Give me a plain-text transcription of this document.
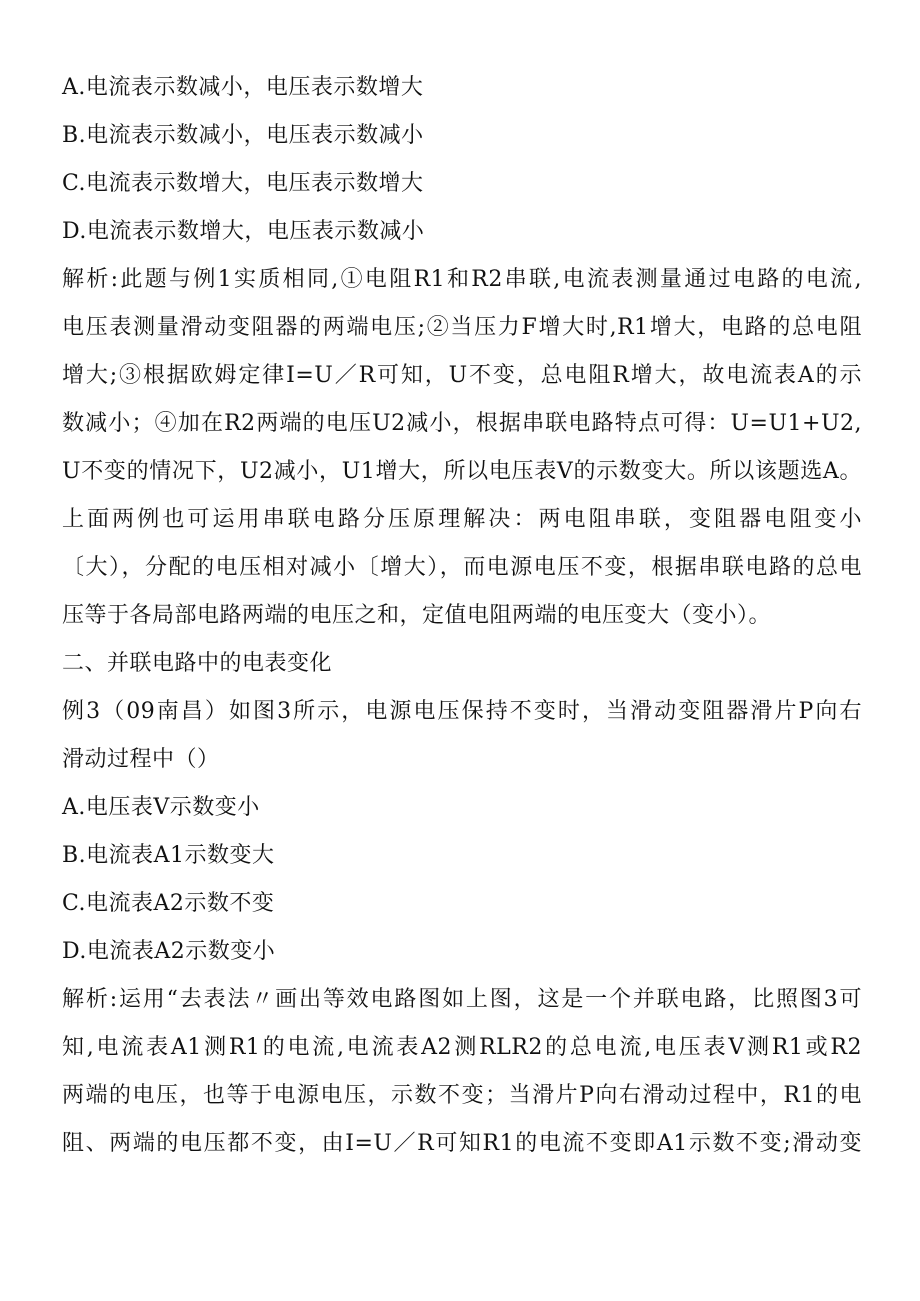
A.电流表示数减小，电压表示数增大
B.电流表示数减小，电压表示数减小
C.电流表示数增大，电压表示数增大
D.电流表示数增大，电压表示数减小
解析:此题与例1实质相同,①电阻R1和R2串联,电流表测量通过电路的电流,
电压表测量滑动变阻器的两端电压;②当压力F增大时,R1增大，电路的总电阻
增大;③根据欧姆定律I=U／R可知，U不变，总电阻R增大，故电流表A的示
数减小；④加在R2两端的电压U2减小，根据串联电路特点可得：U=U1+U2,
U不变的情况下，U2减小，U1增大，所以电压表V的示数变大。所以该题选A。
上面两例也可运用串联电路分压原理解决：两电阻串联，变阻器电阻变小
〔大），分配的电压相对减小〔增大），而电源电压不变，根据串联电路的总电
压等于各局部电路两端的电压之和，定值电阻两端的电压变大（变小）。
二、并联电路中的电表变化
例3（09南昌）如图3所示，电源电压保持不变时，当滑动变阻器滑片P向右
滑动过程中（）
A.电压表V示数变小
B.电流表A1示数变大
C.电流表A2示数不变
D.电流表A2示数变小
解析:运用“去表法〃画出等效电路图如上图，这是一个并联电路，比照图3可
知,电流表A1测R1的电流,电流表A2测RLR2的总电流,电压表V测R1或R2
两端的电压，也等于电源电压，示数不变；当滑片P向右滑动过程中，R1的电
阻、两端的电压都不变，由I=U／R可知R1的电流不变即A1示数不变;滑动变
